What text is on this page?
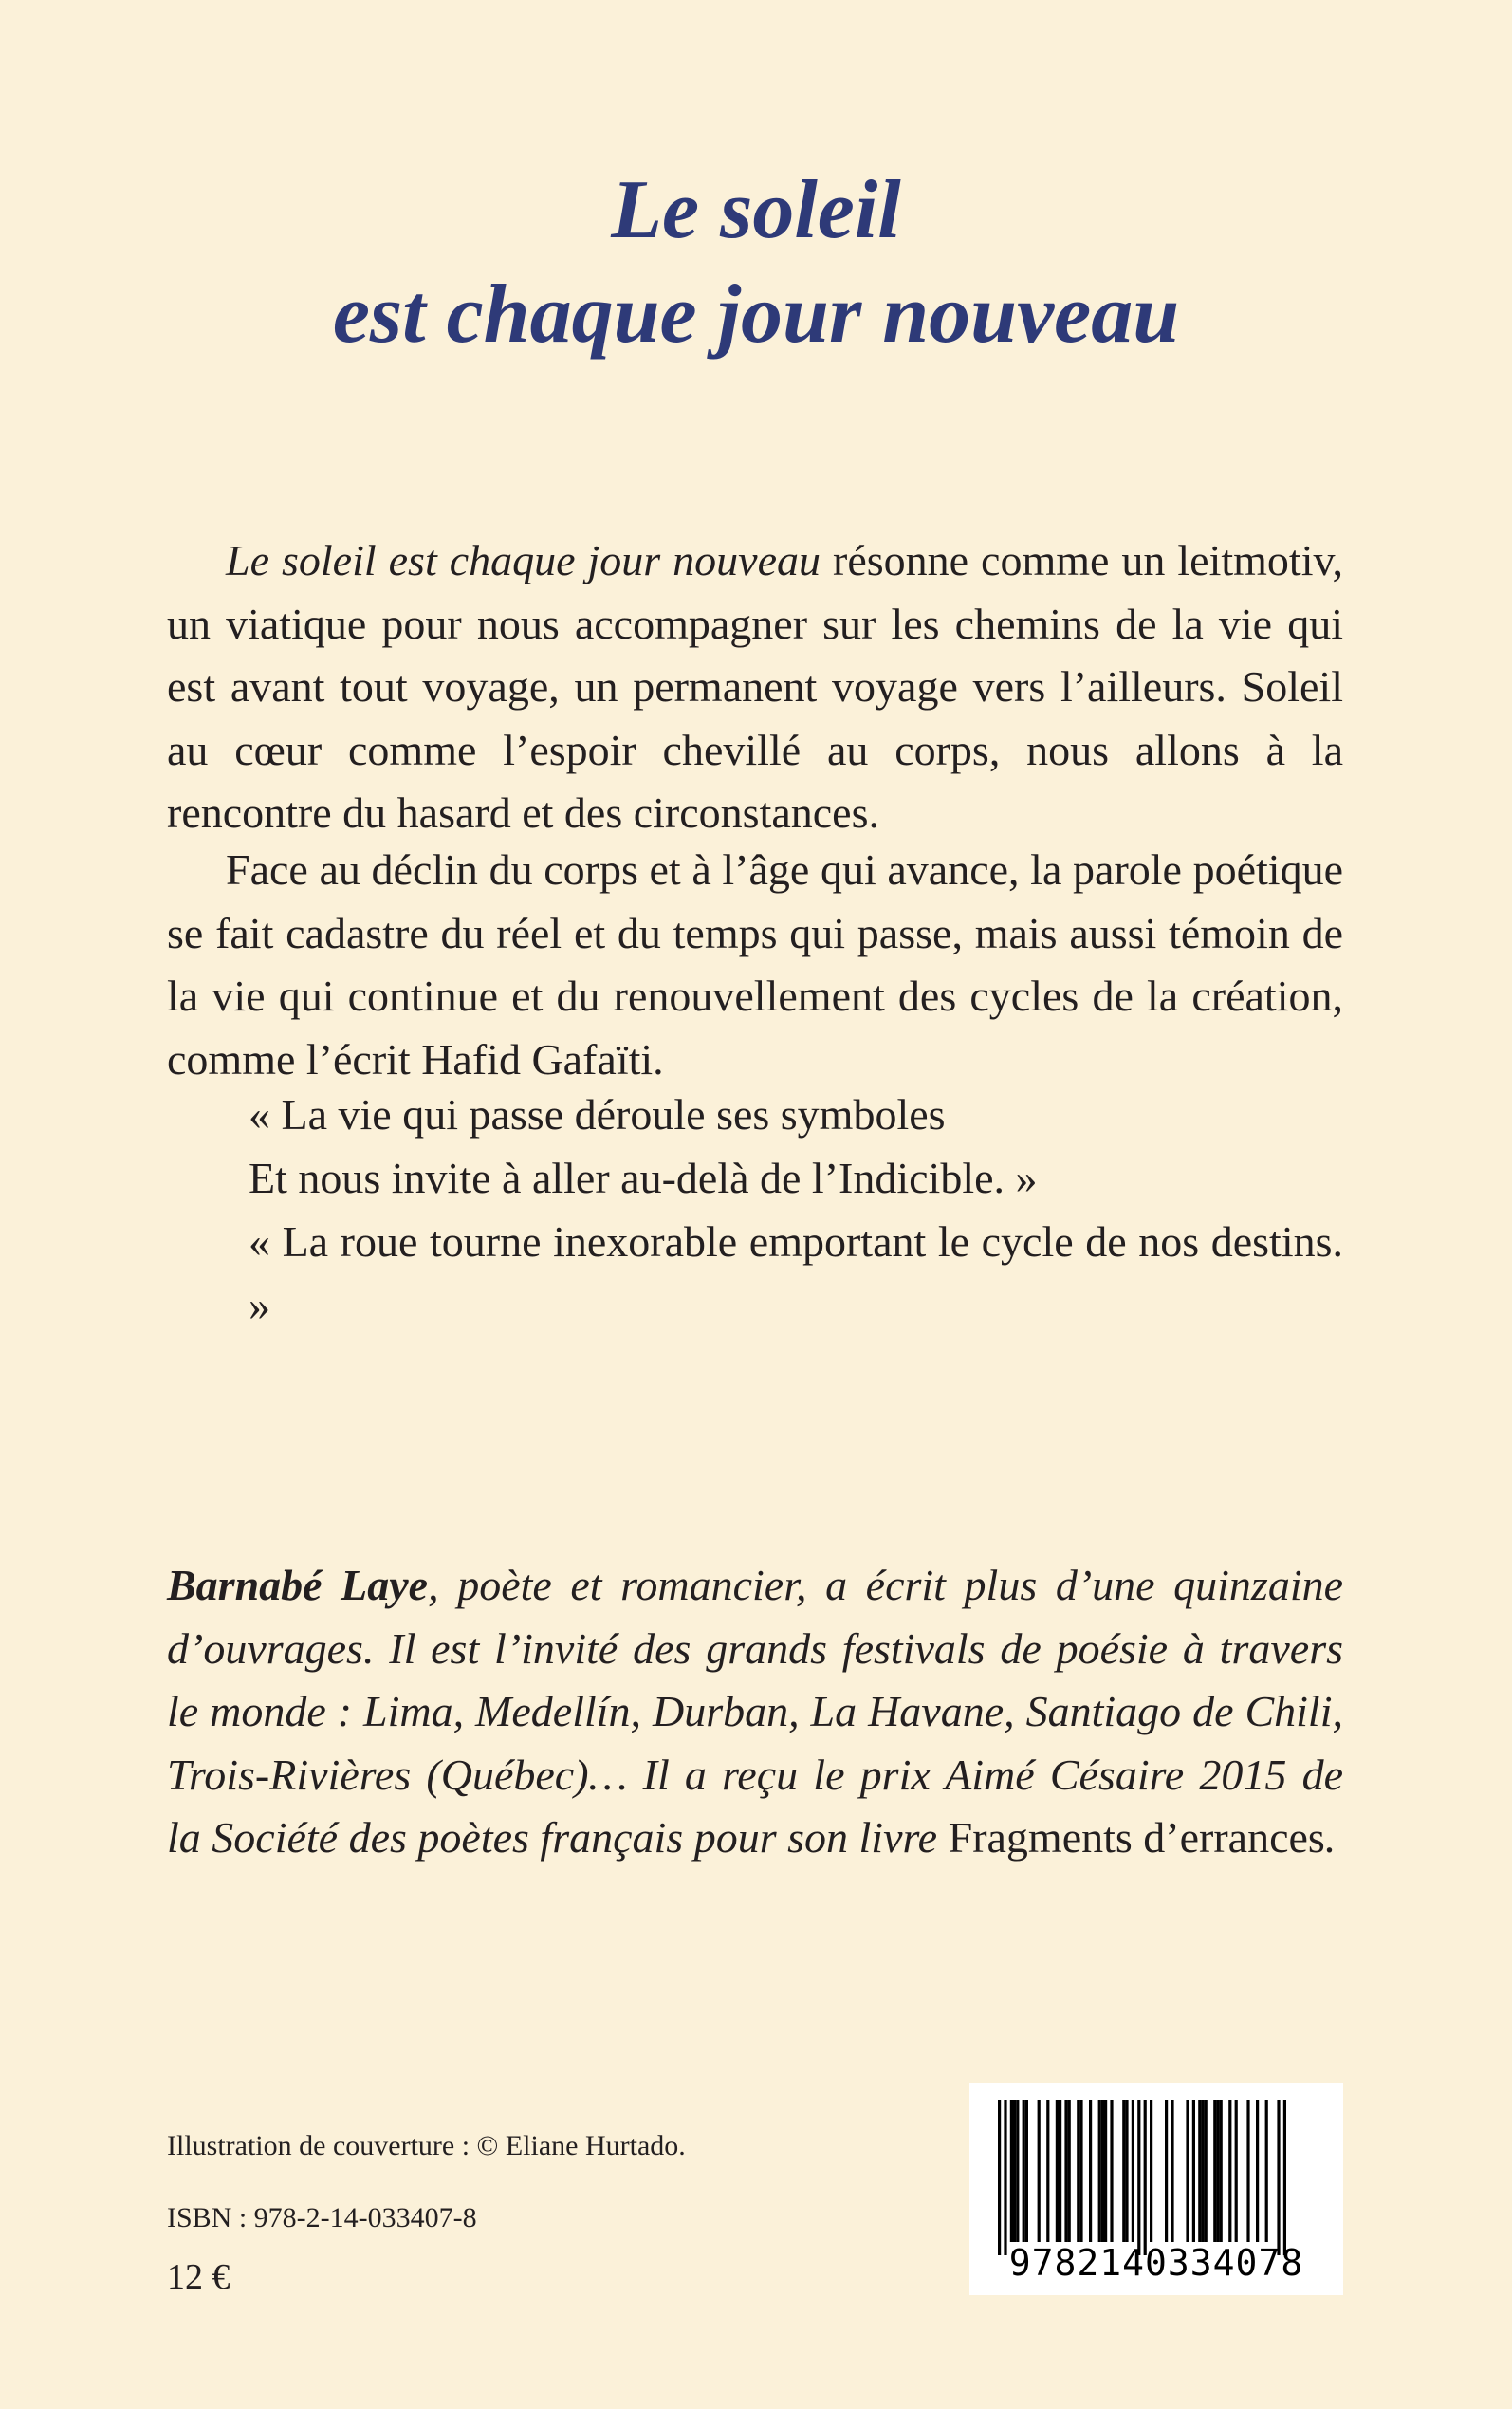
Le soleil
est chaque jour nouveau

Le soleil est chaque jour nouveau résonne comme un leitmotiv, un viatique pour nous accompagner sur les chemins de la vie qui est avant tout voyage, un permanent voyage vers l’ailleurs. Soleil au cœur comme l’espoir chevillé au corps, nous allons à la rencontre du hasard et des circonstances.

Face au déclin du corps et à l’âge qui avance, la parole poétique se fait cadastre du réel et du temps qui passe, mais aussi témoin de la vie qui continue et du renouvellement des cycles de la création, comme l’écrit Hafid Gafaïti.

« La vie qui passe déroule ses symboles

Et nous invite à aller au-delà de l’Indicible. »

« La roue tourne inexorable emportant le cycle de nos destins. »

Barnabé Laye, poète et romancier, a écrit plus d’une quinzaine d’ouvrages. Il est l’invité des grands festivals de poésie à travers le monde : Lima, Medellín, Durban, La Havane, Santiago de Chili, Trois-Rivières (Québec)… Il a reçu le prix Aimé Césaire 2015 de la Société des poètes français pour son livre Fragments d’errances.

Illustration de couverture : © Eliane Hurtado.

ISBN : 978-2-14-033407-8

12 €	9782140334078
